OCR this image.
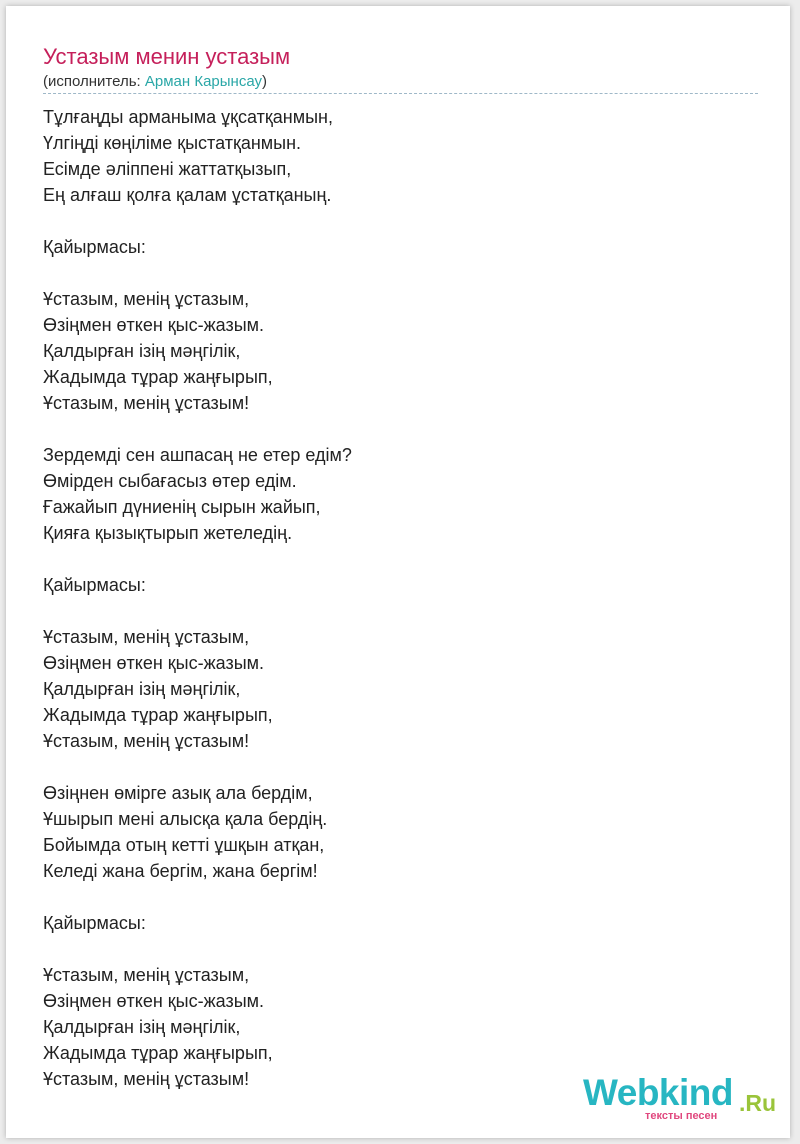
Устазым менин устазым
(исполнитель: Арман Карынсау)
Тұлғаңды арманыма ұқсатқанмын,
Үлгіңді көңіліме қыстатқанмын.
Есімде әліппені жаттатқызып,
Ең алғаш қолға қалам ұстатқаның.
Қайырмасы:
Ұстазым, менің ұстазым,
Өзіңмен өткен қыс-жазым.
Қалдырған ізің мәңгілік,
Жадымда тұрар жаңғырып,
Ұстазым, менің ұстазым!
Зердемді сен ашпасаң не етер едім?
Өмірден сыбағасыз өтер едім.
Ғажайып дүниенің сырын жайып,
Қияға қызықтырып жетеледің.
Қайырмасы:
Ұстазым, менің ұстазым,
Өзіңмен өткен қыс-жазым.
Қалдырған ізің мәңгілік,
Жадымда тұрар жаңғырып,
Ұстазым, менің ұстазым!
Өзіңнен өмірге азық ала бердім,
Ұшырып мені алысқа қала бердің.
Бойымда отың кетті ұшқын атқан,
Келеді жана бергім, жана бергім!
Қайырмасы:
Ұстазым, менің ұстазым,
Өзіңмен өткен қыс-жазым.
Қалдырған ізің мәңгілік,
Жадымда тұрар жаңғырып,
Ұстазым, менің ұстазым!	Webkind .Ru
тексты песен
